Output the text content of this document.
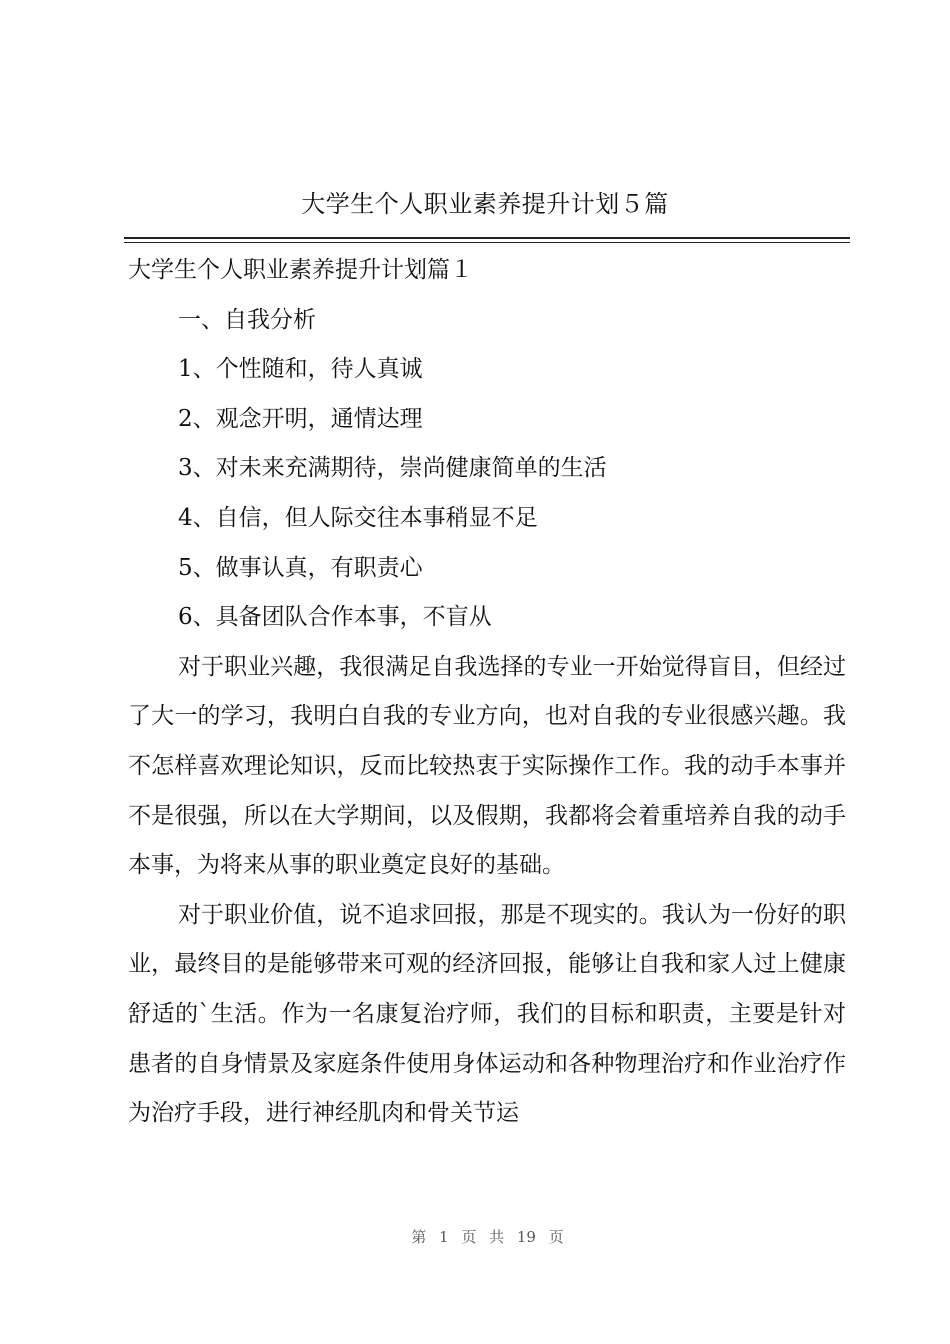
大学生个人职业素养提升计划５篇
大学生个人职业素养提升计划篇１
一、自我分析
1、个性随和，待人真诚
2、观念开明，通情达理
3、对未来充满期待，崇尚健康简单的生活
4、自信，但人际交往本事稍显不足
5、做事认真，有职责心
6、具备团队合作本事，不盲从

对于职业兴趣，我很满足自我选择的专业一开始觉得盲目，但经过了大一的学习，我明白自我的专业方向，也对自我的专业很感兴趣。我不怎样喜欢理论知识，反而比较热衷于实际操作工作。我的动手本事并不是很强，所以在大学期间，以及假期，我都将会着重培养自我的动手本事，为将来从事的职业奠定良好的基础。

对于职业价值，说不追求回报，那是不现实的。我认为一份好的职业，最终目的是能够带来可观的经济回报，能够让自我和家人过上健康舒适的`生活。作为一名康复治疗师，我们的目标和职责，主要是针对患者的自身情景及家庭条件使用身体运动和各种物理治疗和作业治疗作为治疗手段，进行神经肌肉和骨关节运

第 1 页 共 19 页
